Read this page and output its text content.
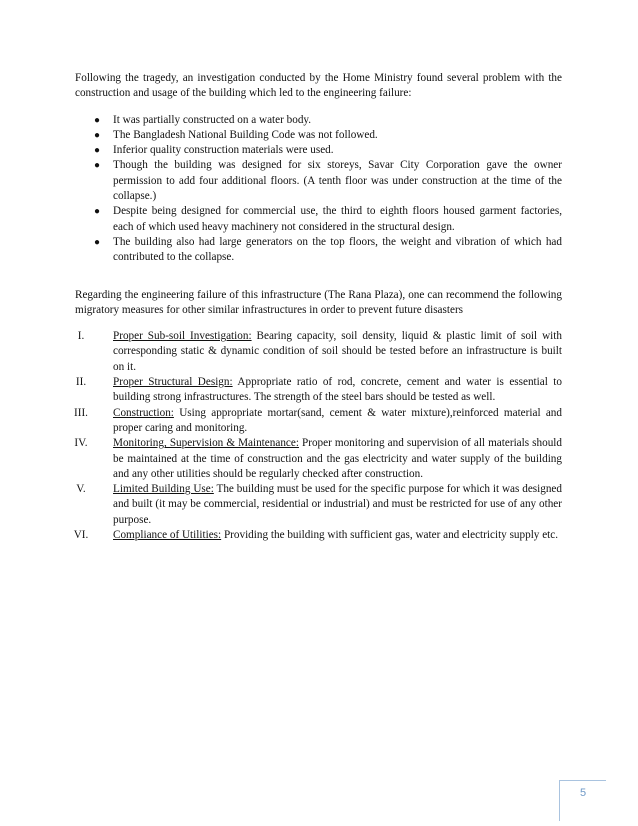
Following the tragedy, an investigation conducted by the Home Ministry found several problem with the construction and usage of the building which led to the engineering failure:

● It was partially constructed on a water body.
● The Bangladesh National Building Code was not followed.
● Inferior quality construction materials were used.
● Though the building was designed for six storeys, Savar City Corporation gave the owner permission to add four additional floors. (A tenth floor was under construction at the time of the collapse.)
● Despite being designed for commercial use, the third to eighth floors housed garment factories, each of which used heavy machinery not considered in the structural design.
● The building also had large generators on the top floors, the weight and vibration of which had contributed to the collapse.

Regarding the engineering failure of this infrastructure (The Rana Plaza), one can recommend the following migratory measures for other similar infrastructures in order to prevent future disasters

I.	Proper Sub-soil Investigation: Bearing capacity, soil density, liquid & plastic limit of soil with corresponding static & dynamic condition of soil should be tested before an infrastructure is built on it.
II.	Proper Structural Design: Appropriate ratio of rod, concrete, cement and water is essential to building strong infrastructures. The strength of the steel bars should be tested as well.
III.	Construction: Using appropriate mortar(sand, cement & water mixture),reinforced material and proper caring and monitoring.
IV.	Monitoring, Supervision & Maintenance: Proper monitoring and supervision of all materials should be maintained at the time of construction and the gas electricity and water supply of the building and any other utilities should be regularly checked after construction.
V.	Limited Building Use: The building must be used for the specific purpose for which it was designed and built (it may be commercial, residential or industrial) and must be restricted for use of any other purpose.
VI.	Compliance of Utilities: Providing the building with sufficient gas, water and electricity supply etc.
5
